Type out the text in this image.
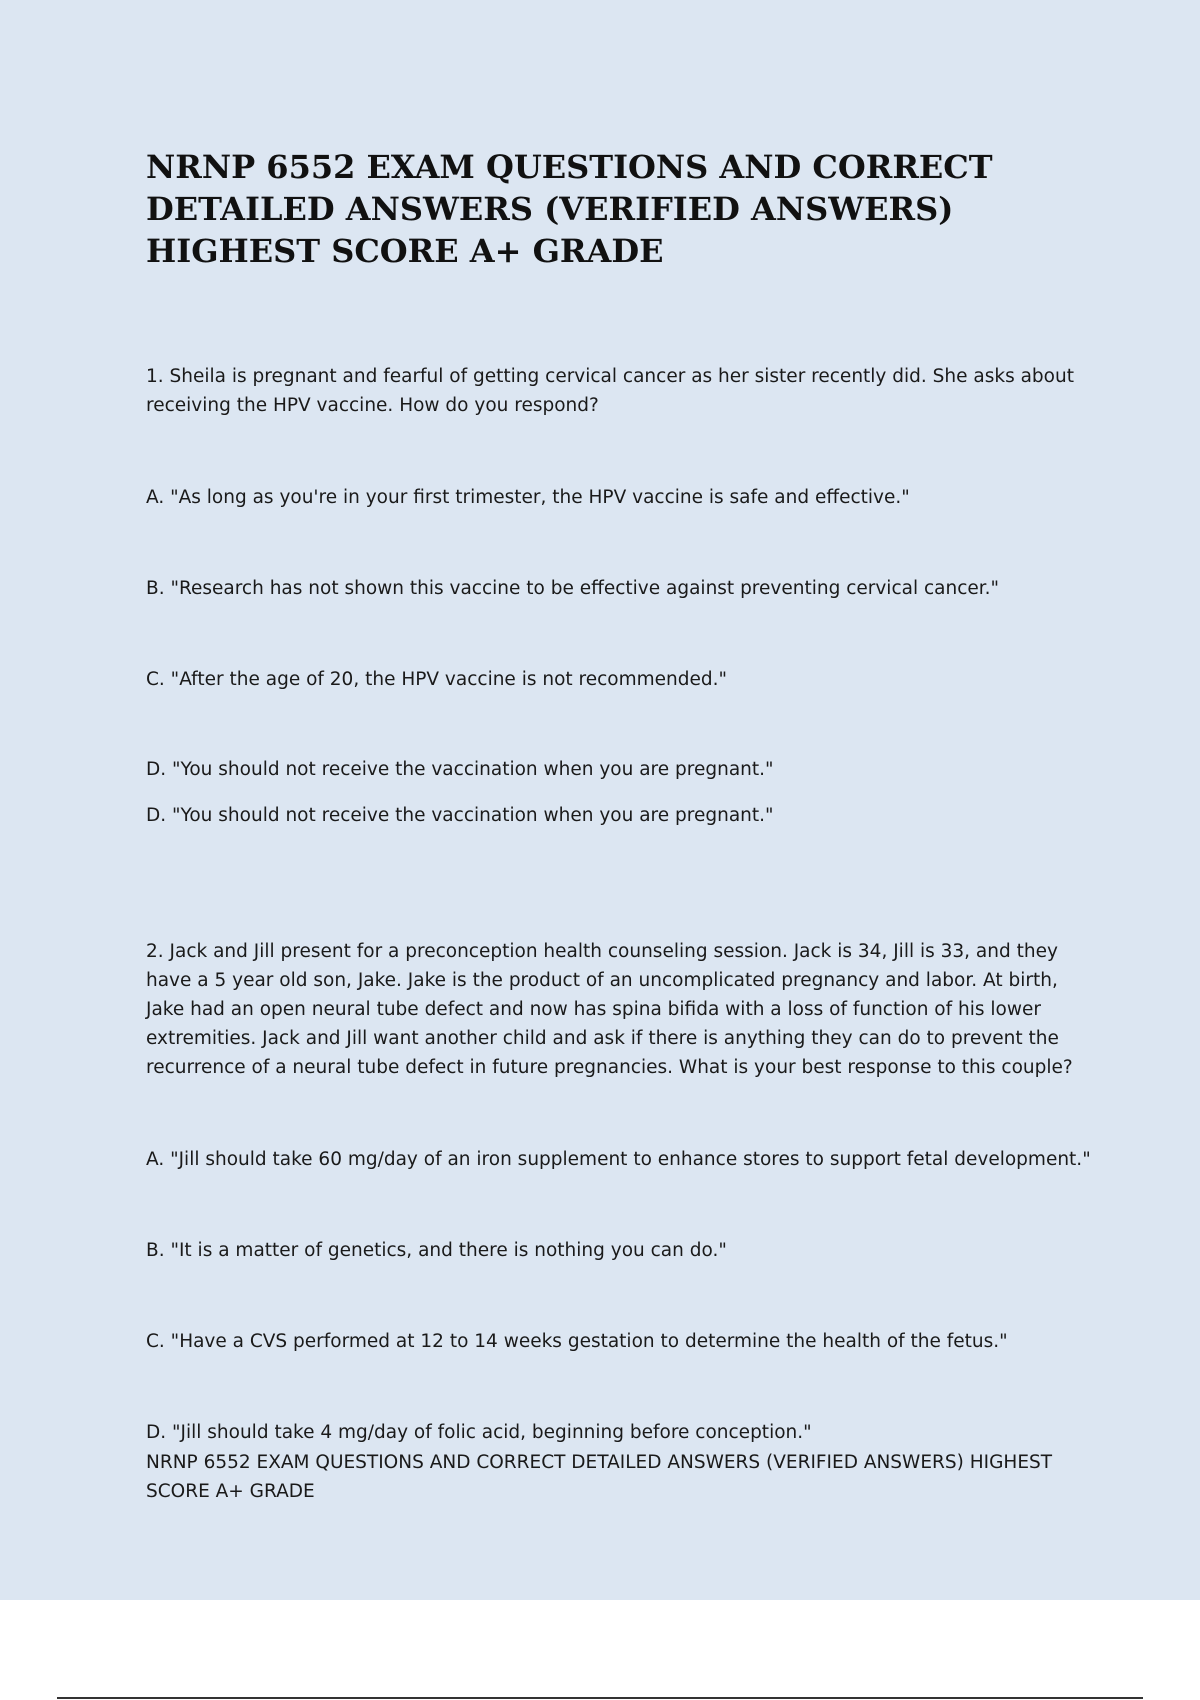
NRNP 6552 EXAM QUESTIONS AND CORRECT DETAILED ANSWERS (VERIFIED ANSWERS) HIGHEST SCORE A+ GRADE

1. Sheila is pregnant and fearful of getting cervical cancer as her sister recently did. She asks about receiving the HPV vaccine. How do you respond?

A. "As long as you're in your first trimester, the HPV vaccine is safe and effective."

B. "Research has not shown this vaccine to be effective against preventing cervical cancer."

C. "After the age of 20, the HPV vaccine is not recommended."

D. "You should not receive the vaccination when you are pregnant."

D. "You should not receive the vaccination when you are pregnant."

2. Jack and Jill present for a preconception health counseling session. Jack is 34, Jill is 33, and they have a 5 year old son, Jake. Jake is the product of an uncomplicated pregnancy and labor. At birth, Jake had an open neural tube defect and now has spina bifida with a loss of function of his lower extremities. Jack and Jill want another child and ask if there is anything they can do to prevent the recurrence of a neural tube defect in future pregnancies. What is your best response to this couple?

A. "Jill should take 60 mg/day of an iron supplement to enhance stores to support fetal development."

B. "It is a matter of genetics, and there is nothing you can do."

C. "Have a CVS performed at 12 to 14 weeks gestation to determine the health of the fetus."

D. "Jill should take 4 mg/day of folic acid, beginning before conception."

NRNP 6552 EXAM QUESTIONS AND CORRECT DETAILED ANSWERS (VERIFIED ANSWERS) HIGHEST SCORE A+ GRADE
